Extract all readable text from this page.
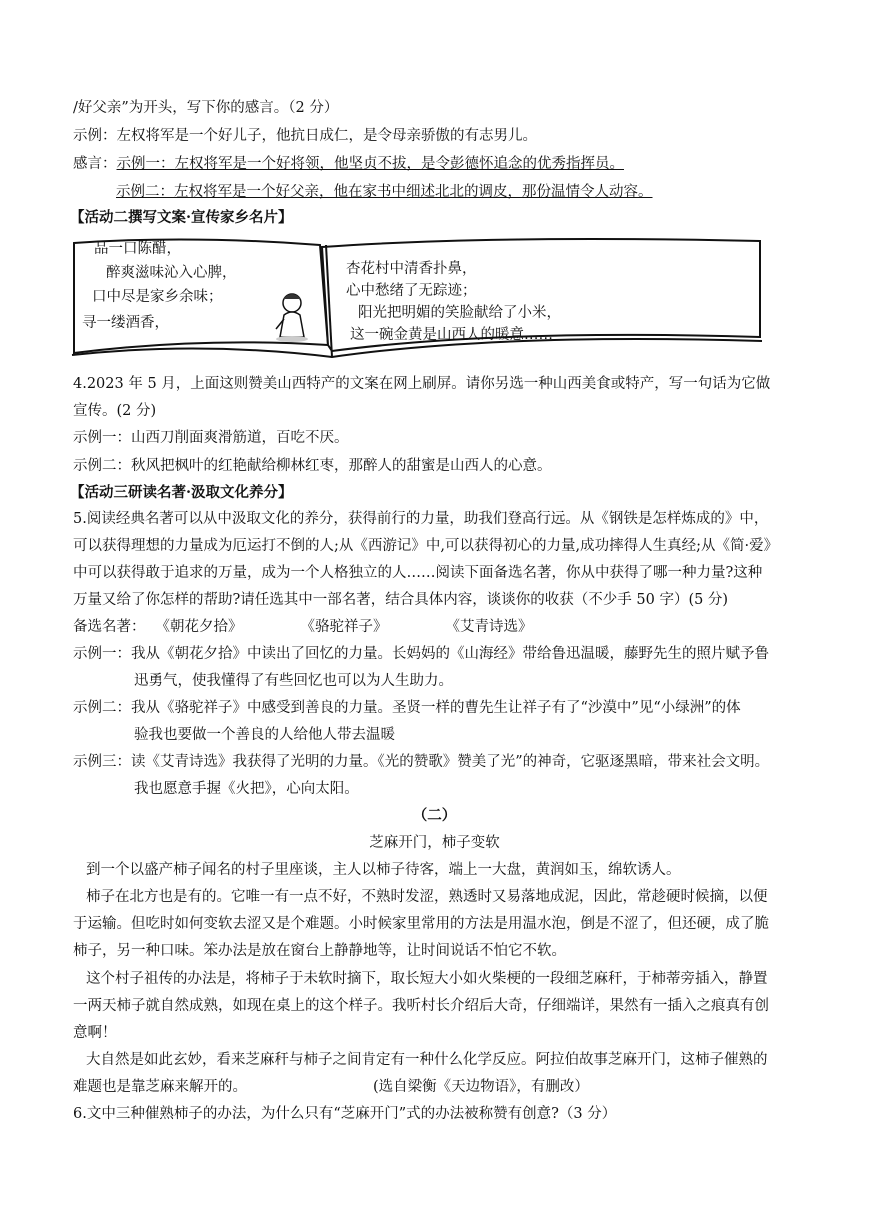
/好父亲”为开头，写下你的感言。（2 分）
示例：左权将军是一个好儿子，他抗日成仁，是令母亲骄傲的有志男儿。
感言：示例一：左权将军是一个好将领，他坚贞不拔，是令彭德怀追念的优秀指挥员。
示例二：左权将军是一个好父亲，他在家书中细述北北的调皮，那份温情令人动容。
【活动二撰写文案·宣传家乡名片】
品一口陈醋，
醉爽滋味沁入心脾，
口中尽是家乡余味；
寻一缕酒香，
杏花村中清香扑鼻，
心中愁绪了无踪迹；
阳光把明媚的笑脸献给了小米，
这一碗金黄是山西人的暖意……
4.2023 年 5 月，上面这则赞美山西特产的文案在网上刷屏。请你另选一种山西美食或特产，写一句话为它做
宣传。(2 分)
示例一：山西刀削面爽滑筋道，百吃不厌。
示例二：秋风把枫叶的红艳献给柳林红枣，那醉人的甜蜜是山西人的心意。
【活动三研读名著·汲取文化养分】
5.阅读经典名著可以从中汲取文化的养分，获得前行的力量，助我们登高行远。从《钢铁是怎样炼成的》中，
可以获得理想的力量成为厄运打不倒的人;从《西游记》中,可以获得初心的力量,成功摔得人生真经;从《简·爱》
中可以获得敢于追求的万量，成为一个人格独立的人……阅读下面备选名著，你从中获得了哪一种力量?这种
万量又给了你怎样的帮助?请任选其中一部名著，结合具体内容，谈谈你的收获（不少手 50 字）(5 分)
备选名著： 《朝花夕拾》	《骆驼祥子》	《艾青诗选》
示例一：我从《朝花夕拾》中读出了回忆的力量。长妈妈的《山海经》带给鲁迅温暖，藤野先生的照片赋予鲁
迅勇气，使我懂得了有些回忆也可以为人生助力。
示例二：我从《骆驼祥子》中感受到善良的力量。圣贤一样的曹先生让祥子有了“沙漠中”见“小绿洲”的体
验我也要做一个善良的人给他人带去温暖
示例三：读《艾青诗选》我获得了光明的力量。《光的赞歌》赞美了光”的神奇，它驱逐黑暗，带来社会文明。
我也愿意手握《火把》，心向太阳。
（二）
芝麻开门，柿子变软
到一个以盛产柿子闻名的村子里座谈，主人以柿子待客，端上一大盘，黄润如玉，绵软诱人。
柿子在北方也是有的。它唯一有一点不好，不熟时发涩，熟透时又易落地成泥，因此，常趁硬时候摘，以便
于运输。但吃时如何变软去涩又是个难题。小时候家里常用的方法是用温水泡，倒是不涩了，但还硬，成了脆
柿子，另一种口味。笨办法是放在窗台上静静地等，让时间说话不怕它不软。
这个村子祖传的办法是，将柿子于未软时摘下，取长短大小如火柴梗的一段细芝麻秆，于柿蒂旁插入，静置
一两天柿子就自然成熟，如现在桌上的这个样子。我听村长介绍后大奇，仔细端详，果然有一插入之痕真有创
意啊！
大自然是如此玄妙，看来芝麻秆与柿子之间肯定有一种什么化学反应。阿拉伯故事芝麻开门，这柿子催熟的
难题也是靠芝麻来解开的。	(选自梁衡《天边物语》，有删改）
6.文中三种催熟柿子的办法，为什么只有“芝麻开门”式的办法被称赞有创意?（3 分）
